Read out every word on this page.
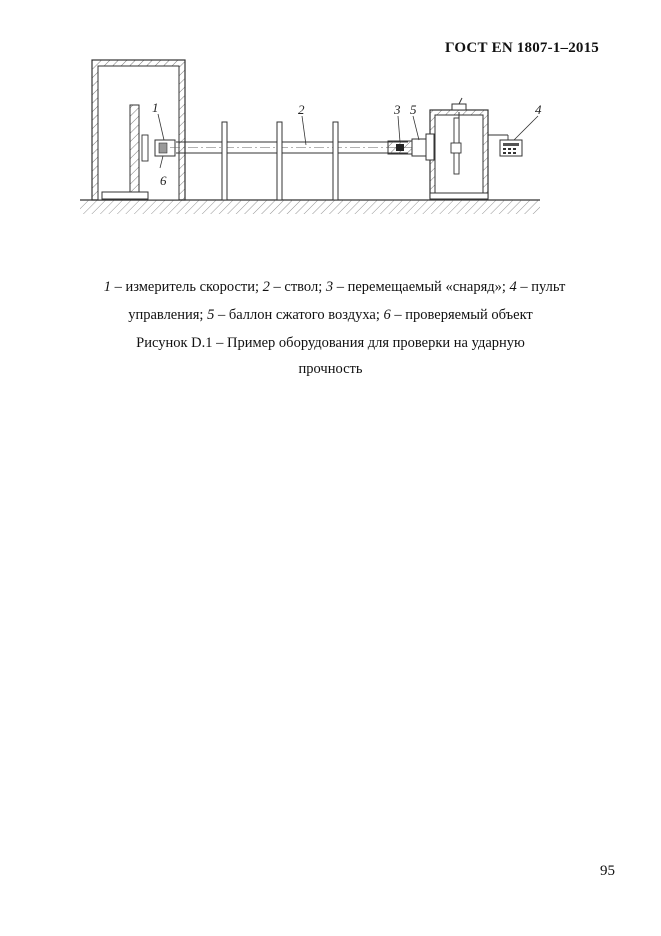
ГОСТ EN 1807-1–2015
1	2	3 5	4
6
1 – измеритель скорости; 2 – ствол; 3 – перемещаемый «снаряд»; 4 – пульт
управления; 5 – баллон сжатого воздуха; 6 – проверяемый объект
Рисунок D.1 – Пример оборудования для проверки на ударную
прочность
95
